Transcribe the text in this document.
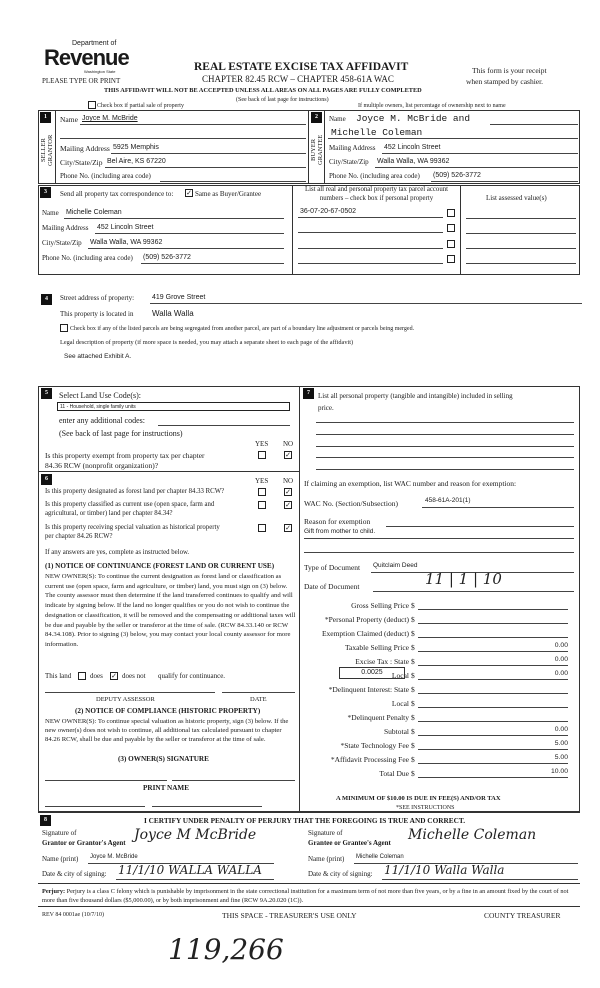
Department of
Revenue
Washington State
PLEASE TYPE OR PRINT
REAL ESTATE EXCISE TAX AFFIDAVIT
CHAPTER 82.45 RCW – CHAPTER 458-61A WAC
This form is your receipt
when stamped by cashier.
THIS AFFIDAVIT WILL NOT BE ACCEPTED UNLESS ALL AREAS ON ALL PAGES ARE FULLY COMPLETED
(See back of last page for instructions)
Check box if partial sale of property	If multiple owners, list percentage of ownership next to name
1
SELLER GRANTOR
Name Joyce M. McBride
Mailing Address 5925 Memphis
City/State/Zip Bel Aire, KS 67220
Phone No. (including area code)
2
BUYER GRANTEE
Name Joyce M. McBride and
Michelle Coleman
Mailing Address 452 Lincoln Street
City/State/Zip Walla Walla, WA 99362
Phone No. (including area code) (509) 526-3772
3	Send all property tax correspondence to: ✓ Same as Buyer/Grantee
Name Michelle Coleman
Mailing Address 452 Lincoln Street
City/State/Zip Walla Walla, WA 99362
Phone No. (including area code) (509) 526-3772
List all real and personal property tax parcel account numbers – check box if personal property
36-07-20-67-0502
List assessed value(s)
4	Street address of property:	419 Grove Street
This property is located in Walla Walla
Check box if any of the listed parcels are being segregated from another parcel, are part of a boundary line adjustment or parcels being merged.
Legal description of property (if more space is needed, you may attach a separate sheet to each page of the affidavit)
See attached Exhibit A.
5	Select Land Use Code(s):
11 - Household, single family units
enter any additional codes:
(See back of last page for instructions)
YES NO
Is this property exempt from property tax per chapter
84.36 RCW (nonprofit organization)?
✓
6	YES NO
Is this property designated as forest land per chapter 84.33 RCW?	✓
Is this property classified as current use (open space, farm and
agricultural, or timber) land per chapter 84.34?
✓
Is this property receiving special valuation as historical property
per chapter 84.26 RCW?
✓
If any answers are yes, complete as instructed below.
(1) NOTICE OF CONTINUANCE (FOREST LAND OR CURRENT USE)
NEW OWNER(S): To continue the current designation as forest land or classification as current use (open space, farm and agriculture, or timber) land, you must sign on (3) below. The county assessor must then determine if the land transferred continues to qualify and will indicate by signing below. If the land no longer qualifies or you do not wish to continue the designation or classification, it will be removed and the compensating or additional taxes will be due and payable by the seller or transferor at the time of sale. (RCW 84.33.140 or RCW 84.34.108). Prior to signing (3) below, you may contact your local county assessor for more information.
This land	does ✓ does not qualify for continuance.
DEPUTY ASSESSOR	DATE
(2) NOTICE OF COMPLIANCE (HISTORIC PROPERTY)
NEW OWNER(S): To continue special valuation as historic property, sign (3) below. If the new owner(s) does not wish to continue, all additional tax calculated pursuant to chapter 84.26 RCW, shall be due and payable by the seller or transferor at the time of sale.
(3) OWNER(S) SIGNATURE
PRINT NAME
7	List all personal property (tangible and intangible) included in selling
price.
If claiming an exemption, list WAC number and reason for exemption:
WAC No. (Section/Subsection)	458-61A-201(1)
Reason for exemption
Gift from mother to child.
Type of Document Quitclaim Deed
Date of Document	11 | 1 | 10
Gross Selling Price $
*Personal Property (deduct) $
Exemption Claimed (deduct) $
Taxable Selling Price $	0.00
Excise Tax : State $	0.00
Local $	0.00
*Delinquent Interest: State $
Local $
*Delinquent Penalty $
Subtotal $	0.00
*State Technology Fee $	5.00
*Affidavit Processing Fee $	5.00
Total Due $	10.00
0.0025
A MINIMUM OF $10.00 IS DUE IN FEE(S) AND/OR TAX
*SEE INSTRUCTIONS
8	I CERTIFY UNDER PENALTY OF PERJURY THAT THE FOREGOING IS TRUE AND CORRECT.
Signature of
Grantor or Grantor's Agent Joyce M McBride
Name (print) Joyce M. McBride
Date & city of signing: 11/1/10 WALLA WALLA
Signature of
Grantee or Grantee's Agent Michelle Coleman
Name (print) Michelle Coleman
Date & city of signing: 11/1/10 Walla Walla
Perjury: Perjury is a class C felony which is punishable by imprisonment in the state correctional institution for a maximum term of not more than five years, or by a fine in an amount fixed by the court of not more than five thousand dollars ($5,000.00), or by both imprisonment and fine (RCW 9A.20.020 (1C)).
REV 84 0001ae (10/7/10)	THIS SPACE - TREASURER'S USE ONLY	COUNTY TREASURER
119,266
